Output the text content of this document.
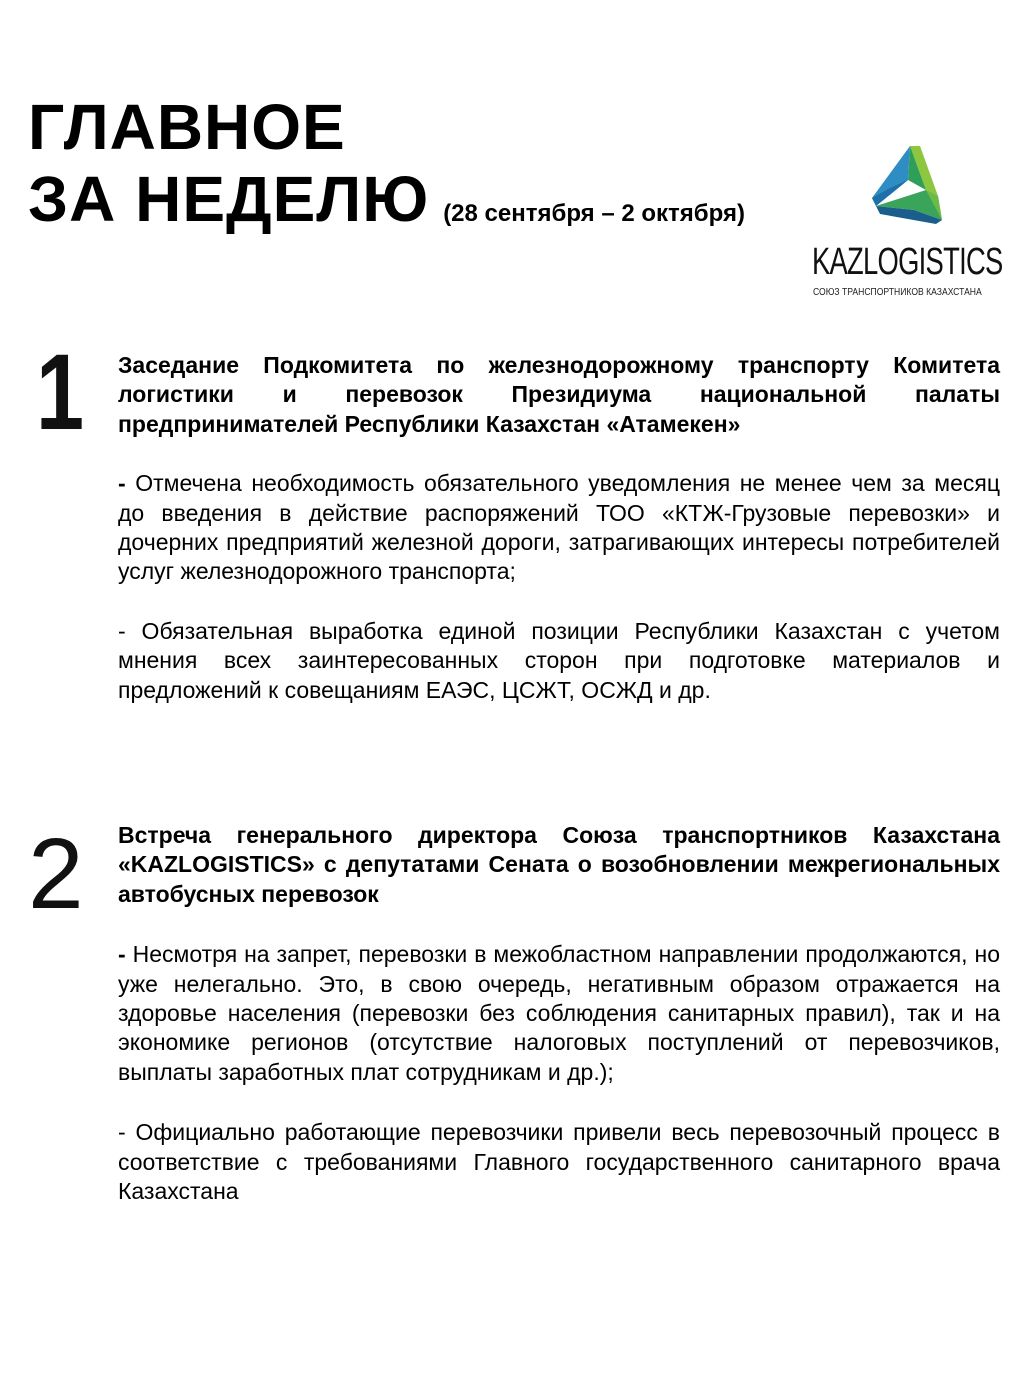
ГЛАВНОЕ
ЗА НЕДЕЛЮ (28 сентября – 2 октября)
KAZLOGISTICS
СОЮЗ ТРАНСПОРТНИКОВ КАЗАХСТАНА
1 Заседание Подкомитета по железнодорожному транспорту Комитета логистики и перевозок Президиума национальной палаты предпринимателей Республики Казахстан «Атамекен»

- Отмечена необходимость обязательного уведомления не менее чем за месяц до введения в действие распоряжений ТОО «КТЖ-Грузовые перевозки» и дочерних предприятий железной дороги, затрагивающих интересы потребителей услуг железнодорожного транспорта;

- Обязательная выработка единой позиции Республики Казахстан с учетом мнения всех заинтересованных сторон при подготовке материалов и предложений к совещаниям ЕАЭС, ЦСЖТ, ОСЖД и др.

2 Встреча генерального директора Союза транспортников Казахстана «KAZLOGISTICS» с депутатами Сената о возобновлении межрегиональных автобусных перевозок

- Несмотря на запрет, перевозки в межобластном направлении продолжаются, но уже нелегально. Это, в свою очередь, негативным образом отражается на здоровье населения (перевозки без соблюдения санитарных правил), так и на экономике регионов (отсутствие налоговых поступлений от перевозчиков, выплаты заработных плат сотрудникам и др.);

- Официально работающие перевозчики привели весь перевозочный процесс в соответствие с требованиями Главного государственного санитарного врача Казахстана
